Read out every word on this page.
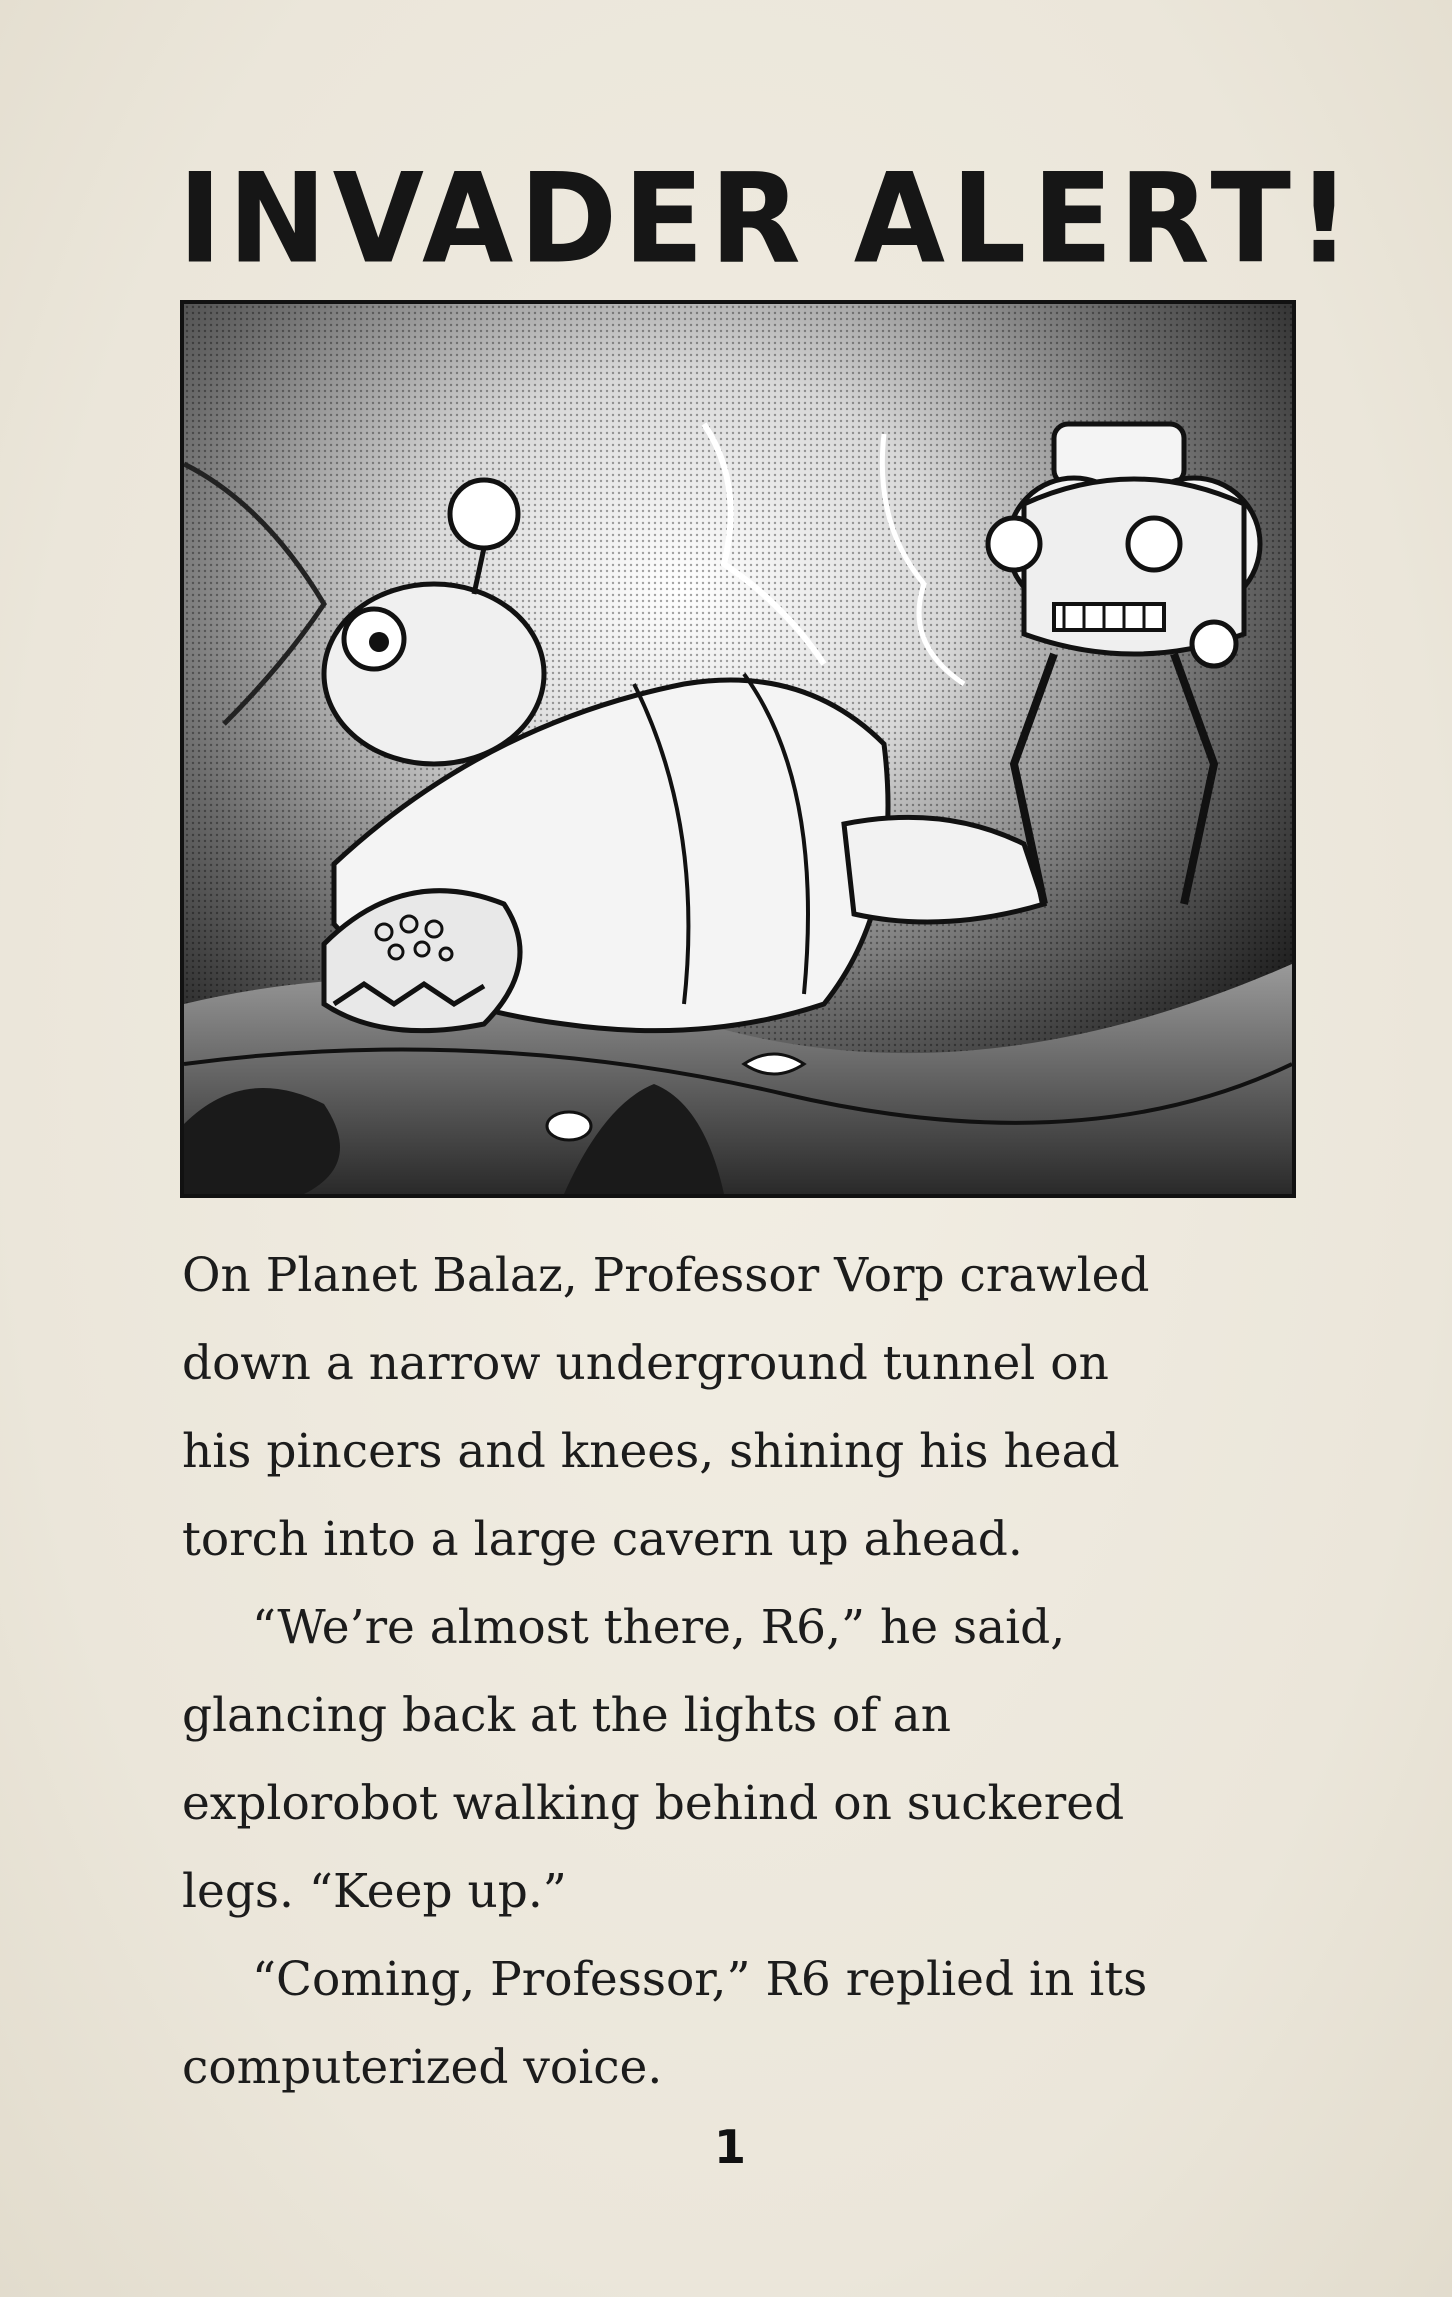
INVADER ALERT!

On Planet Balaz, Professor Vorp crawled

down a narrow underground tunnel on

his pincers and knees, shining his head

torch into a large cavern up ahead.

“We’re almost there, R6,” he said,

glancing back at the lights of an

explorobot walking behind on suckered

legs. “Keep up.”

“Coming, Professor,” R6 replied in its

computerized voice.

1
